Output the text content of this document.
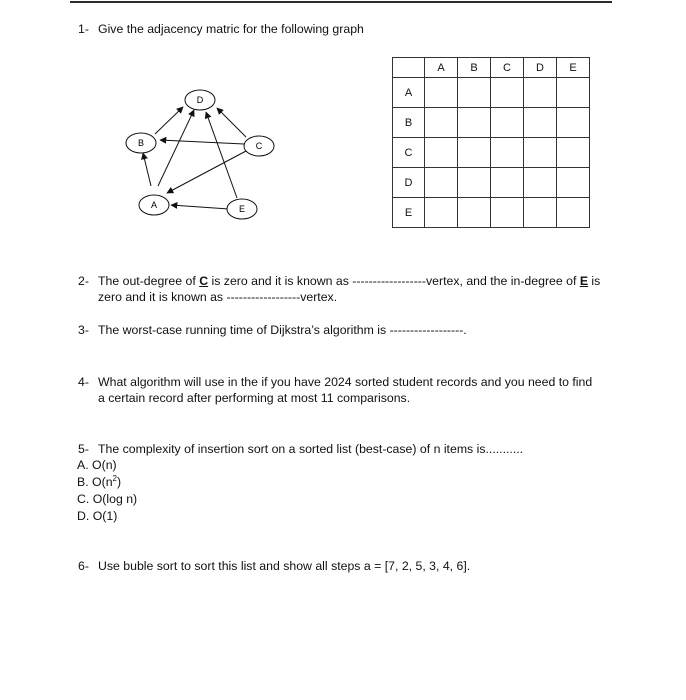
1- Give the adjacency matric for the following graph
D
B	C
A	E
	A	B	C	D	E
A					
B					
C					
D					
E					
2- The out-degree of C is zero and it is known as ------------------vertex, and the in-degree of E is
zero and it is known as ------------------vertex.
3- The worst-case running time of Dijkstra’s algorithm is ------------------.
4- What algorithm will use in the if you have 2024 sorted student records and you need to find
a certain record after performing at most 11 comparisons.
5- The complexity of insertion sort on a sorted list (best-case) of n items is...........
A. O(n)
B. $O(n^2)$
C. O(log n)
D. O(1)
6- Use buble sort to sort this list and show all steps a = [7, 2, 5, 3, 4, 6].
